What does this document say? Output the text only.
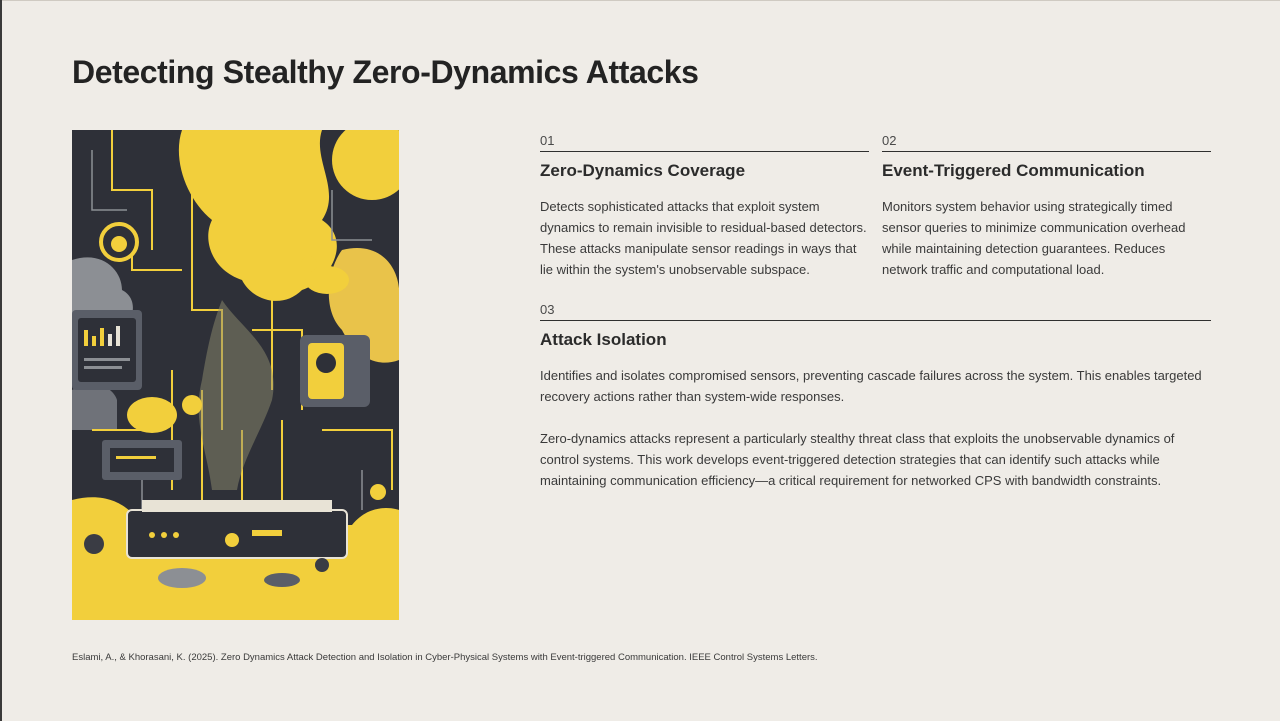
Detecting Stealthy Zero-Dynamics Attacks
01
Zero-Dynamics Coverage
Detects sophisticated attacks that exploit system dynamics to remain invisible to residual-based detectors. These attacks manipulate sensor readings in ways that lie within the system's unobservable subspace.
02
Event-Triggered Communication
Monitors system behavior using strategically timed sensor queries to minimize communication overhead while maintaining detection guarantees. Reduces network traffic and computational load.
03
Attack Isolation
Identifies and isolates compromised sensors, preventing cascade failures across the system. This enables targeted recovery actions rather than system-wide responses.
Zero-dynamics attacks represent a particularly stealthy threat class that exploits the unobservable dynamics of control systems. This work develops event-triggered detection strategies that can identify such attacks while maintaining communication efficiency—a critical requirement for networked CPS with bandwidth constraints.
Eslami, A., & Khorasani, K. (2025). Zero Dynamics Attack Detection and Isolation in Cyber-Physical Systems with Event-triggered Communication. IEEE Control Systems Letters.
